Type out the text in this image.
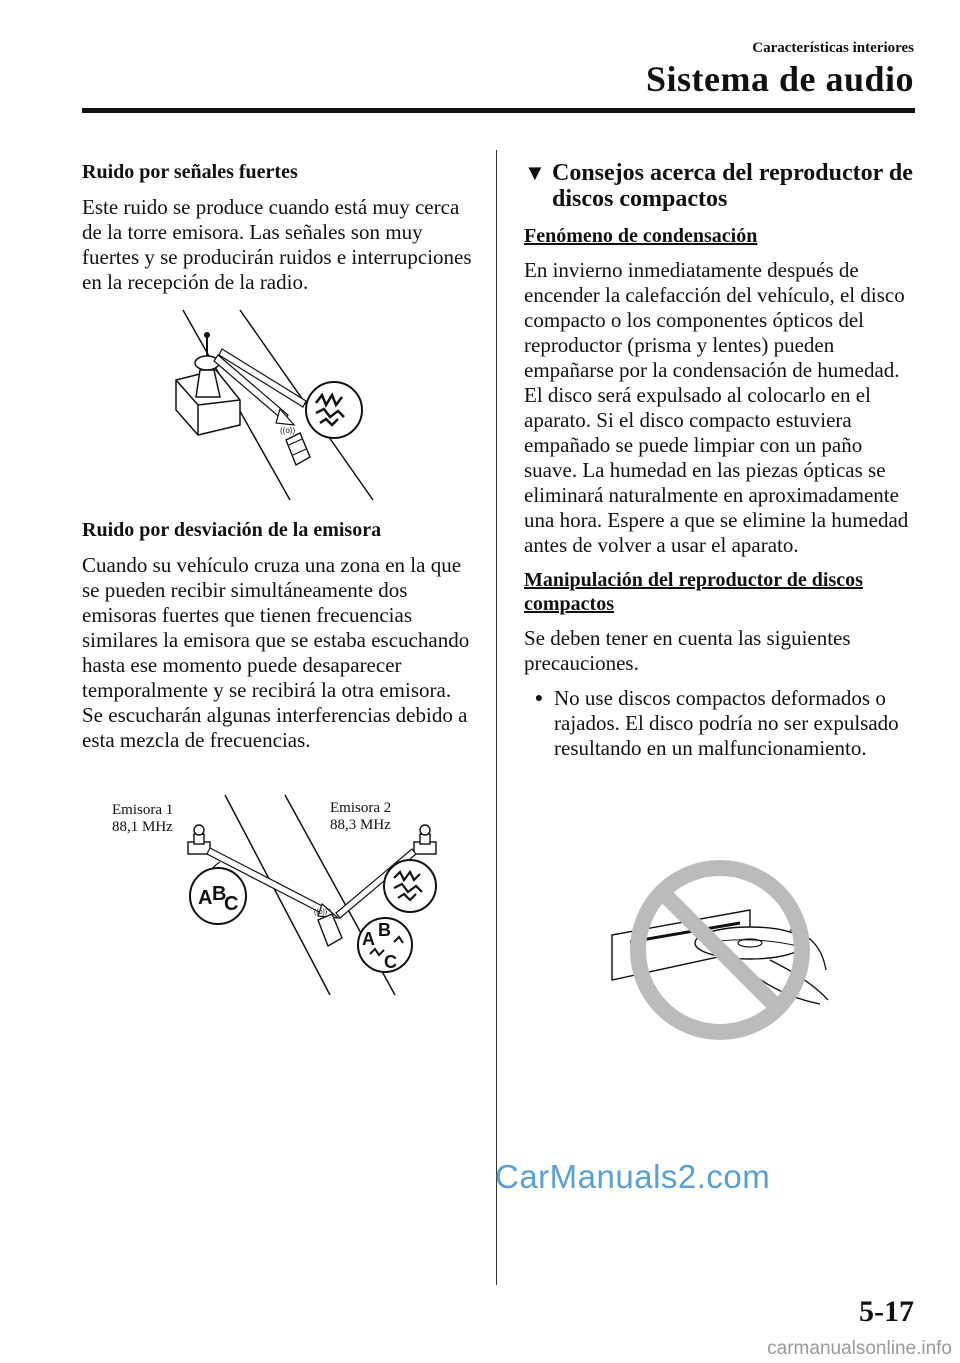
Características interiores
Sistema de audio
Ruido por señales fuertes

Este ruido se produce cuando está muy cerca de la torre emisora. Las señales son muy fuertes y se producirán ruidos e interrupciones en la recepción de la radio.

((o))
Ruido por desviación de la emisora

Cuando su vehículo cruza una zona en la que se pueden recibir simultáneamente dos emisoras fuertes que tienen frecuencias similares la emisora que se estaba escuchando hasta ese momento puede desaparecer temporalmente y se recibirá la otra emisora. Se escucharán algunas interferencias debido a esta mezcla de frecuencias.

Emisora 1
88,1 MHz
Emisora 2
88,3 MHz
A B
C	((o))
A B
C
▼ Consejos acerca del reproductor de discos compactos
Fenómeno de condensación

En invierno inmediatamente después de encender la calefacción del vehículo, el disco compacto o los componentes ópticos del reproductor (prisma y lentes) pueden empañarse por la condensación de humedad. El disco será expulsado al colocarlo en el aparato. Si el disco compacto estuviera empañado se puede limpiar con un paño suave. La humedad en las piezas ópticas se eliminará naturalmente en aproximadamente una hora. Espere a que se elimine la humedad antes de volver a usar el aparato.

Manipulación del reproductor de discos compactos

Se deben tener en cuenta las siguientes precauciones.

● No use discos compactos deformados o rajados. El disco podría no ser expulsado resultando en un malfuncionamiento.
5-17
CarManuals2.com
carmanualsonline.info
